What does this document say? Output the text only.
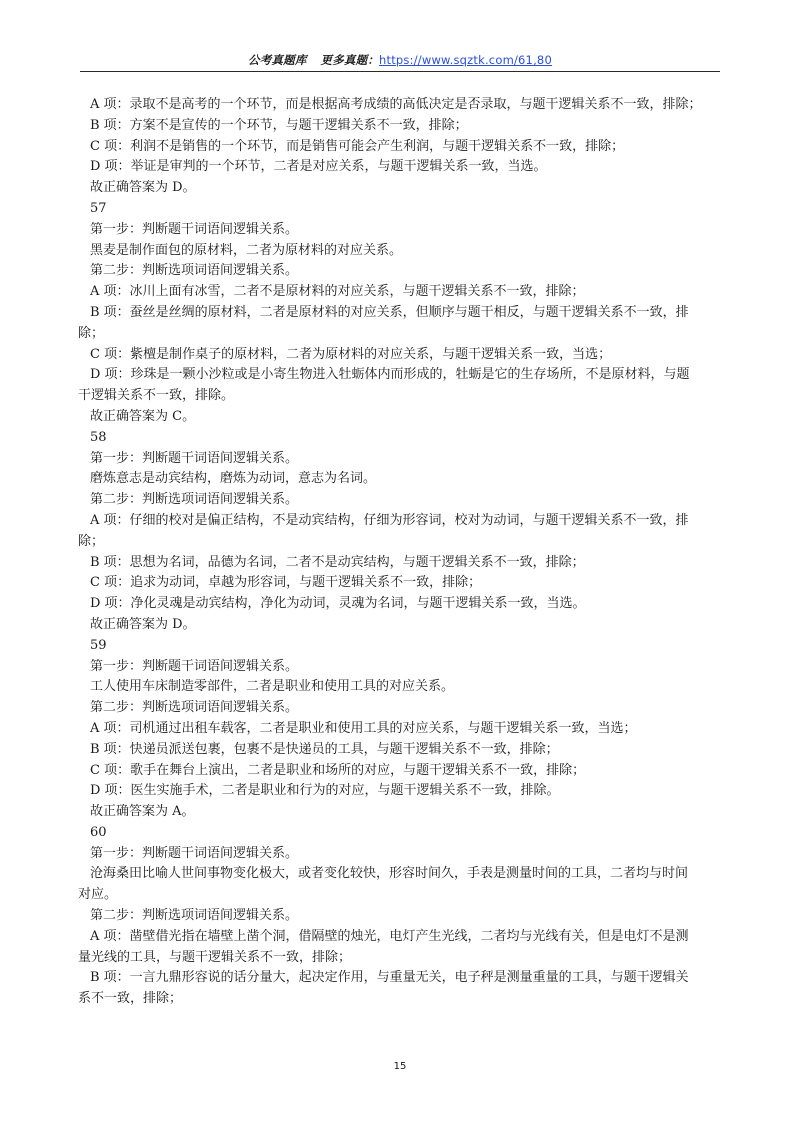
公考真题库 更多真题：https://www.sqztk.com/61,80

A 项：录取不是高考的一个环节，而是根据高考成绩的高低决定是否录取，与题干逻辑关系不一致，排除；

B 项：方案不是宣传的一个环节，与题干逻辑关系不一致，排除；

C 项：利润不是销售的一个环节，而是销售可能会产生利润，与题干逻辑关系不一致，排除；

D 项：举证是审判的一个环节，二者是对应关系，与题干逻辑关系一致，当选。

故正确答案为 D。

57

第一步：判断题干词语间逻辑关系。

黑麦是制作面包的原材料，二者为原材料的对应关系。

第二步：判断选项词语间逻辑关系。

A 项：冰川上面有冰雪，二者不是原材料的对应关系，与题干逻辑关系不一致，排除；

B 项：蚕丝是丝绸的原材料，二者是原材料的对应关系，但顺序与题干相反，与题干逻辑关系不一致，排
除；

C 项：紫檀是制作桌子的原材料，二者为原材料的对应关系，与题干逻辑关系一致，当选；

D 项：珍珠是一颗小沙粒或是小寄生物进入牡蛎体内而形成的，牡蛎是它的生存场所，不是原材料，与题
干逻辑关系不一致，排除。

故正确答案为 C。

58

第一步：判断题干词语间逻辑关系。

磨炼意志是动宾结构，磨炼为动词，意志为名词。

第二步：判断选项词语间逻辑关系。

A 项：仔细的校对是偏正结构，不是动宾结构，仔细为形容词，校对为动词，与题干逻辑关系不一致，排
除；

B 项：思想为名词，品德为名词，二者不是动宾结构，与题干逻辑关系不一致，排除；

C 项：追求为动词，卓越为形容词，与题干逻辑关系不一致，排除；

D 项：净化灵魂是动宾结构，净化为动词，灵魂为名词，与题干逻辑关系一致，当选。

故正确答案为 D。

59

第一步：判断题干词语间逻辑关系。

工人使用车床制造零部件，二者是职业和使用工具的对应关系。

第二步：判断选项词语间逻辑关系。

A 项：司机通过出租车载客，二者是职业和使用工具的对应关系，与题干逻辑关系一致，当选；

B 项：快递员派送包裹，包裹不是快递员的工具，与题干逻辑关系不一致，排除；

C 项：歌手在舞台上演出，二者是职业和场所的对应，与题干逻辑关系不一致，排除；

D 项：医生实施手术，二者是职业和行为的对应，与题干逻辑关系不一致，排除。

故正确答案为 A。

60

第一步：判断题干词语间逻辑关系。

沧海桑田比喻人世间事物变化极大，或者变化较快，形容时间久，手表是测量时间的工具，二者均与时间
对应。

第二步：判断选项词语间逻辑关系。

A 项：凿壁借光指在墙壁上凿个洞，借隔壁的烛光，电灯产生光线，二者均与光线有关，但是电灯不是测
量光线的工具，与题干逻辑关系不一致，排除；

B 项：一言九鼎形容说的话分量大，起决定作用，与重量无关，电子秤是测量重量的工具，与题干逻辑关
系不一致，排除；

15
